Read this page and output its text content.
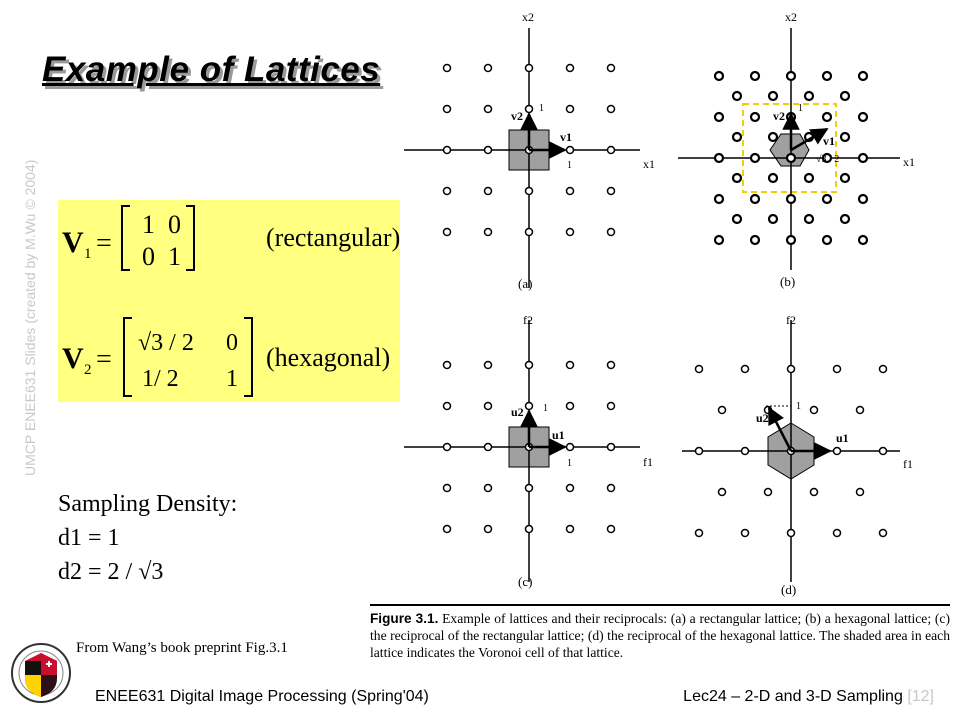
Example of Lattices
UMCP ENEE631 Slides (created by M.Wu © 2004) V 1 =
1 0
0 1
(rectangular)
V 2 =
√3 / 2 0
1/ 2 1
(hexagonal)
Sampling Density:
d1 = 1
d2 = 2 / √3
x2
x1
v2
v1
1
1
(a)
x2
x1
v2
v1
1
√3 / 2
(b)
f2
f1
u2
u1
1
1
(c)
f2
f1
u2
u1
1
(d)
Figure 3.1. Example of lattices and their reciprocals: (a) a rectangular lattice; (b) a hexagonal lattice; (c) the reciprocal of the rectangular lattice; (d) the reciprocal of the hexagonal lattice. The shaded area in each lattice indicates the Voronoi cell of that lattice.
From Wang’s book preprint Fig.3.1
ENEE631 Digital Image Processing (Spring'04)	Lec24 – 2-D and 3-D Sampling [12]
